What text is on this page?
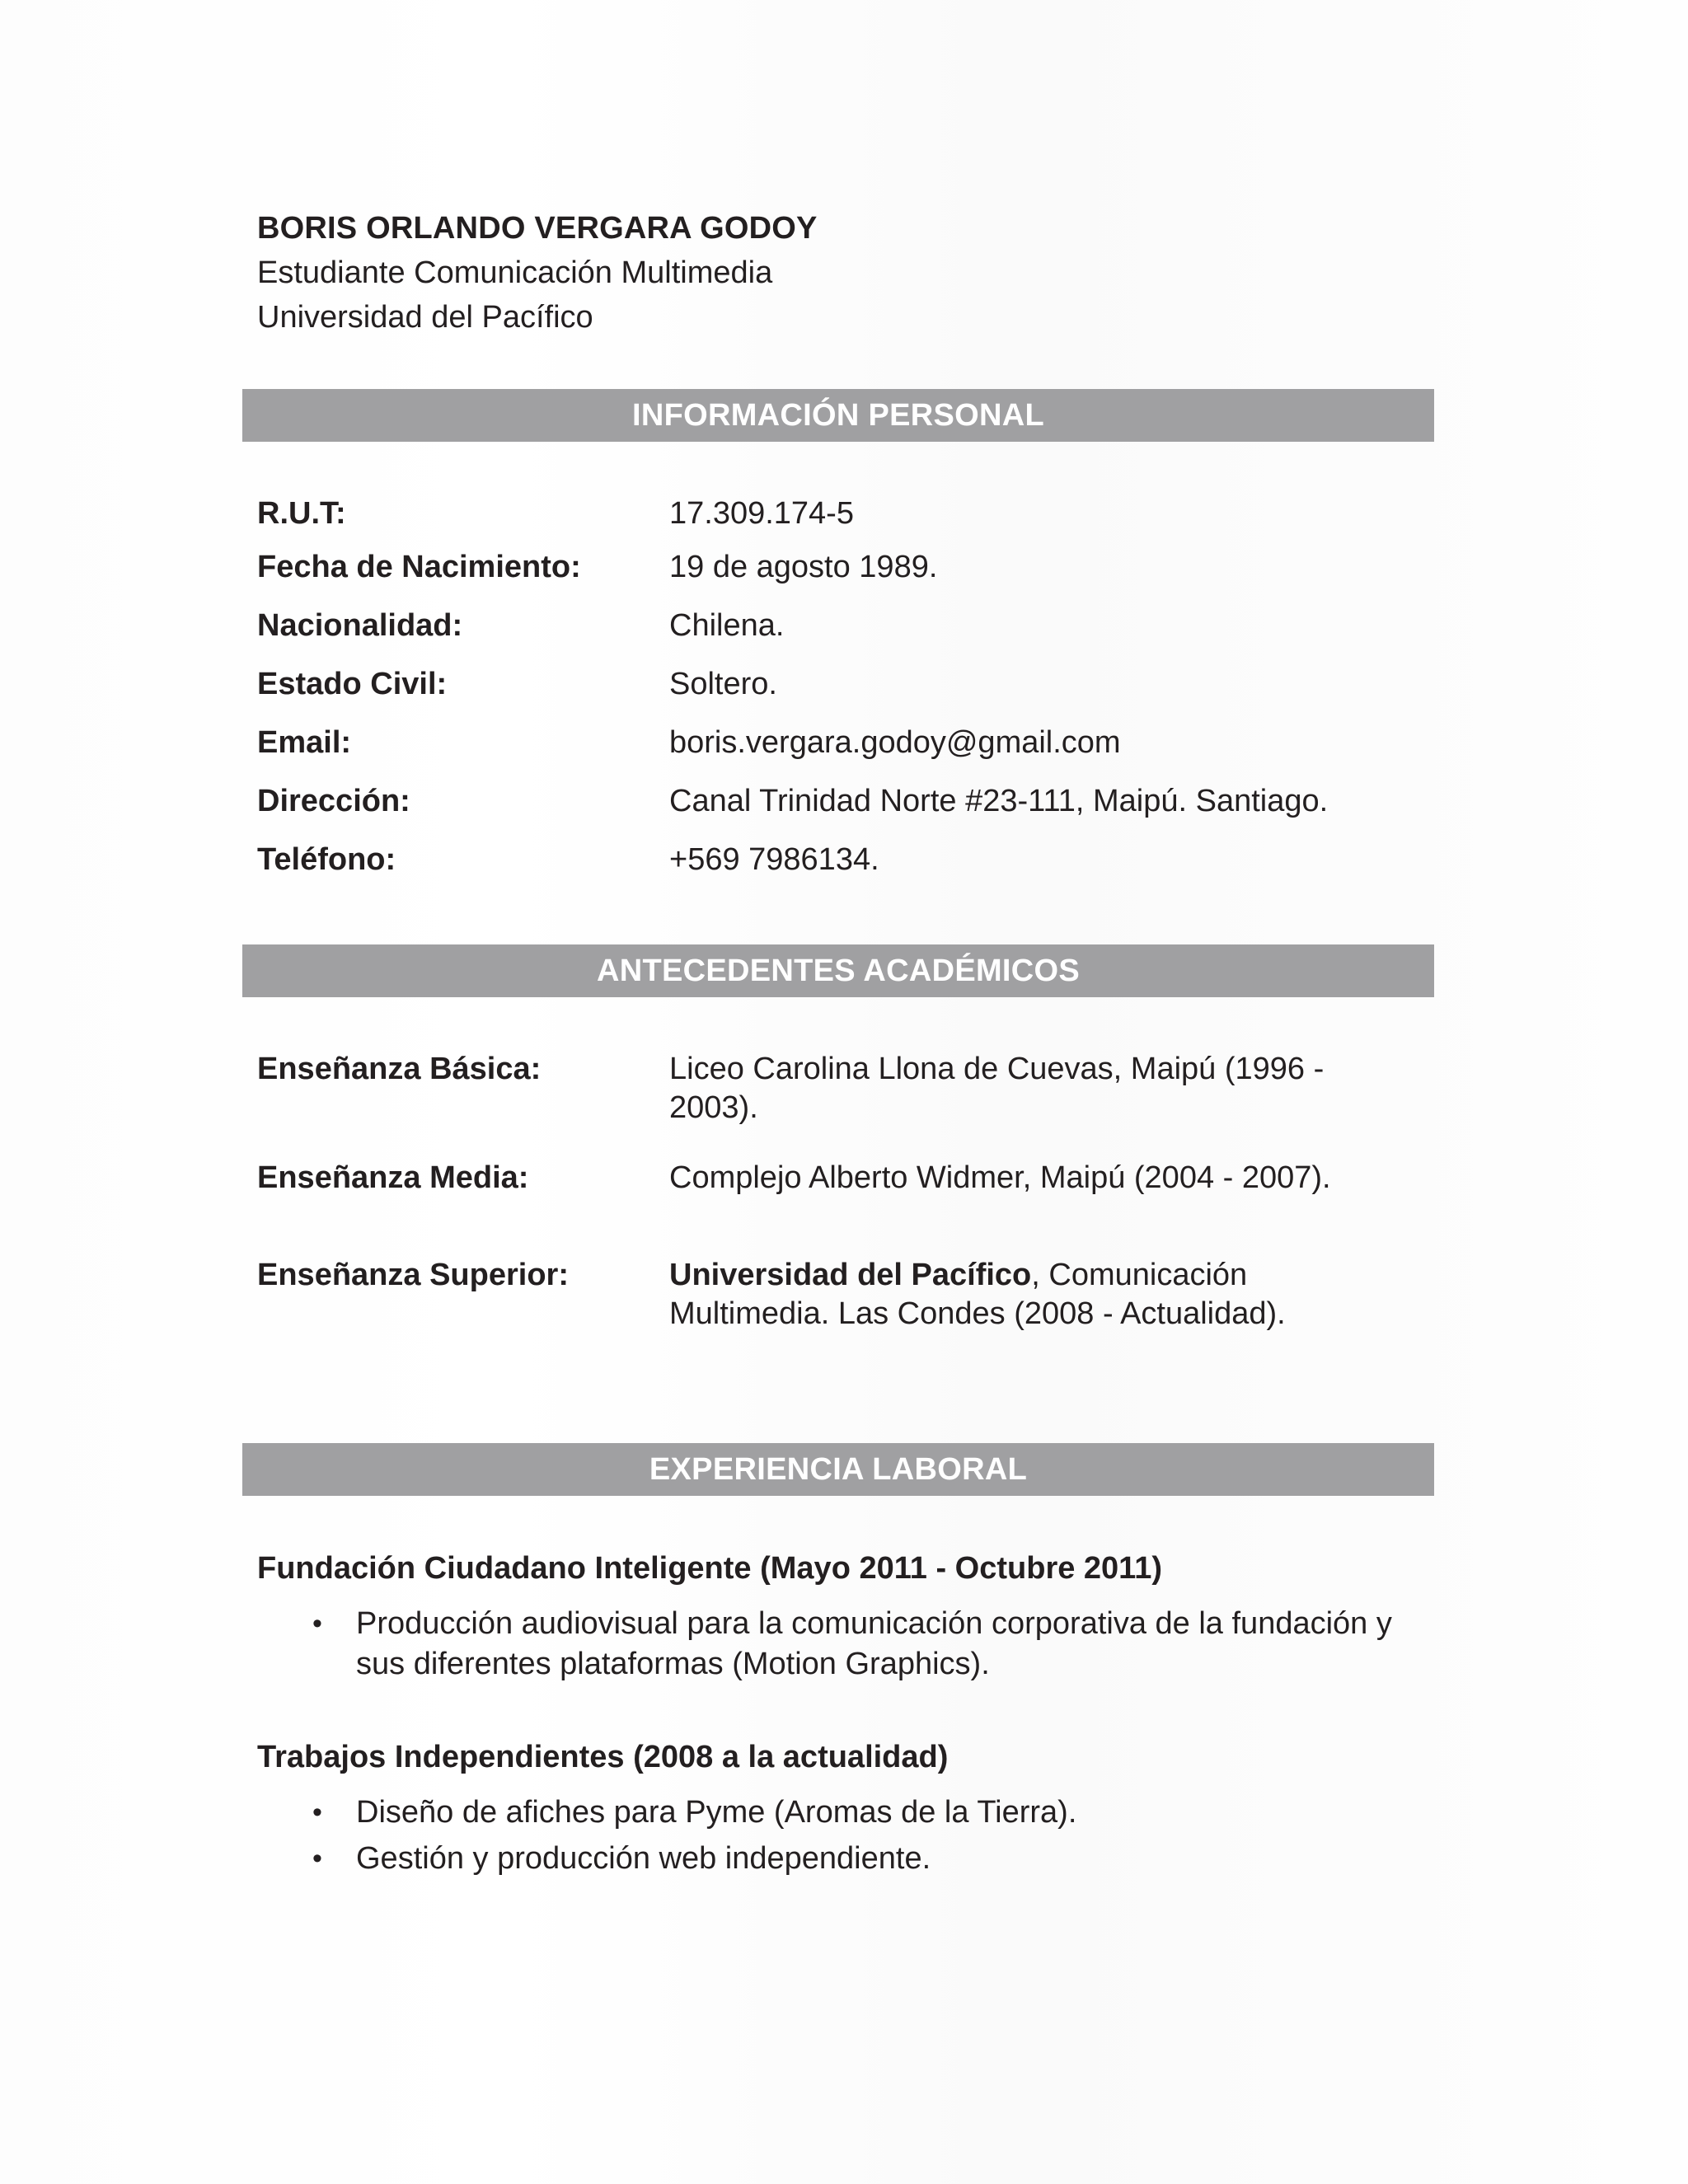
BORIS ORLANDO VERGARA GODOY
Estudiante Comunicación Multimedia
Universidad del Pacífico
INFORMACIÓN PERSONAL
R.U.T:	17.309.174-5
Fecha de Nacimiento:	19 de agosto 1989.
Nacionalidad:	Chilena.
Estado Civil:	Soltero.
Email:	boris.vergara.godoy@gmail.com
Dirección:	Canal Trinidad Norte #23-111, Maipú. Santiago.
Teléfono:	+569 7986134.
ANTECEDENTES ACADÉMICOS
Enseñanza Básica:	Liceo Carolina Llona de Cuevas, Maipú (1996 - 2003).
Enseñanza Media:	Complejo Alberto Widmer, Maipú (2004 - 2007).
Enseñanza Superior:	Universidad del Pacífico, Comunicación Multimedia. Las Condes (2008 - Actualidad).
EXPERIENCIA LABORAL
Fundación Ciudadano Inteligente (Mayo 2011 - Octubre 2011)
• Producción audiovisual para la comunicación corporativa de la fundación y sus diferentes plataformas (Motion Graphics).
Trabajos Independientes (2008 a la actualidad)
• Diseño de afiches para Pyme (Aromas de la Tierra).
• Gestión y producción web independiente.
